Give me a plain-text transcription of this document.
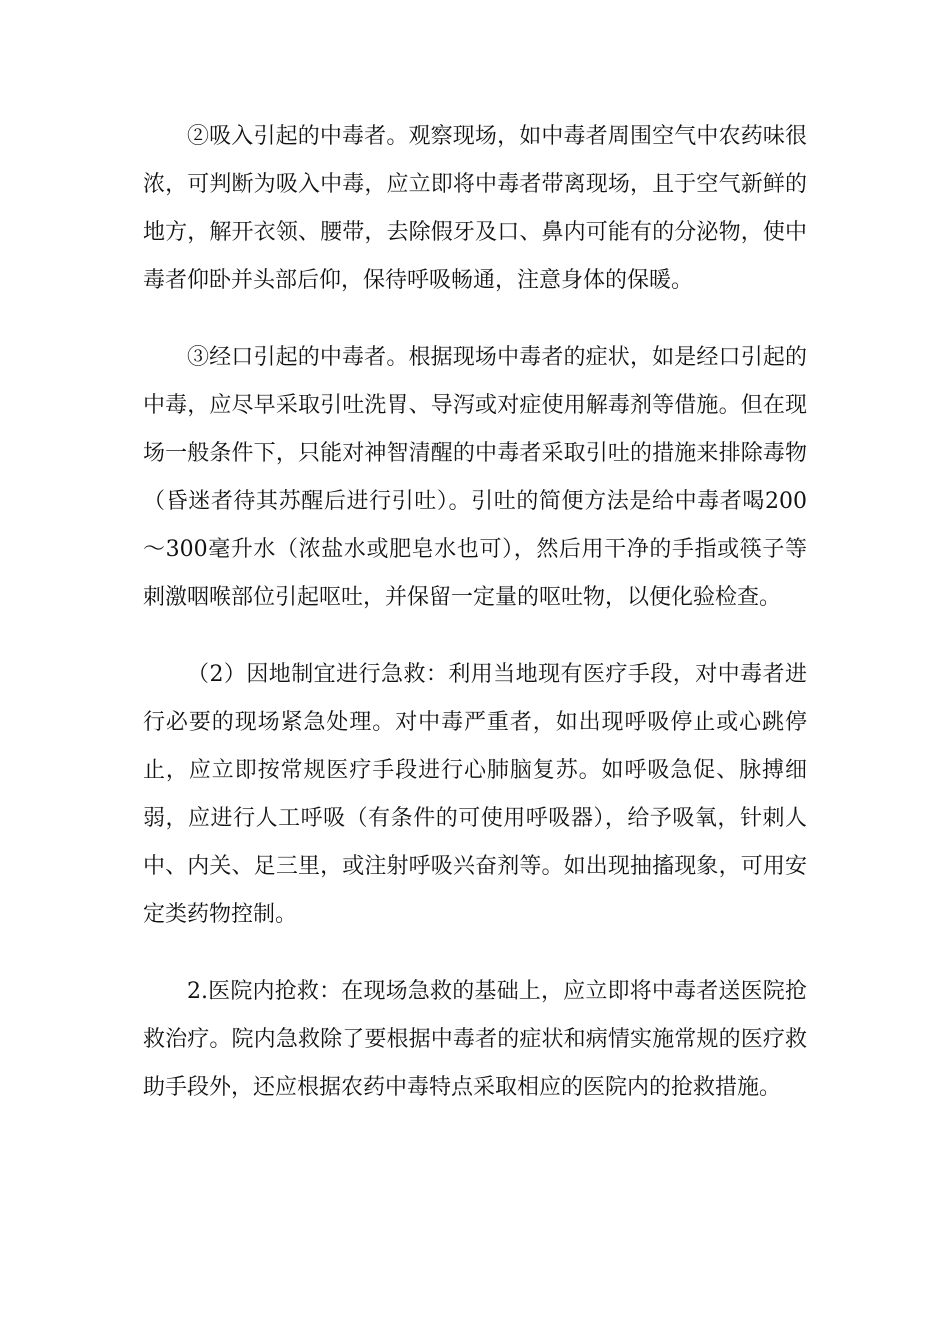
②吸入引起的中毒者。观察现场，如中毒者周围空气中农药味很浓，可判断为吸入中毒，应立即将中毒者带离现场，且于空气新鲜的地方，解开衣领、腰带，去除假牙及口、鼻内可能有的分泌物，使中毒者仰卧并头部后仰，保待呼吸畅通，注意身体的保暖。

③经口引起的中毒者。根据现场中毒者的症状，如是经口引起的中毒，应尽早采取引吐洗胃、导泻或对症使用解毒剂等借施。但在现场一般条件下，只能对神智清醒的中毒者采取引吐的措施来排除毒物（昏迷者待其苏醒后进行引吐）。引吐的简便方法是给中毒者喝200～300毫升水（浓盐水或肥皂水也可），然后用干净的手指或筷子等刺激咽喉部位引起呕吐，并保留一定量的呕吐物，以便化验检查。

（2）因地制宜进行急救：利用当地现有医疗手段，对中毒者进行必要的现场紧急处理。对中毒严重者，如出现呼吸停止或心跳停止，应立即按常规医疗手段进行心肺脑复苏。如呼吸急促、脉搏细弱，应进行人工呼吸（有条件的可使用呼吸器），给予吸氧，针刺人中、内关、足三里，或注射呼吸兴奋剂等。如出现抽搐现象，可用安定类药物控制。

2.医院内抢救：在现场急救的基础上，应立即将中毒者送医院抢救治疗。院内急救除了要根据中毒者的症状和病情实施常规的医疗救助手段外，还应根据农药中毒特点采取相应的医院内的抢救措施。
